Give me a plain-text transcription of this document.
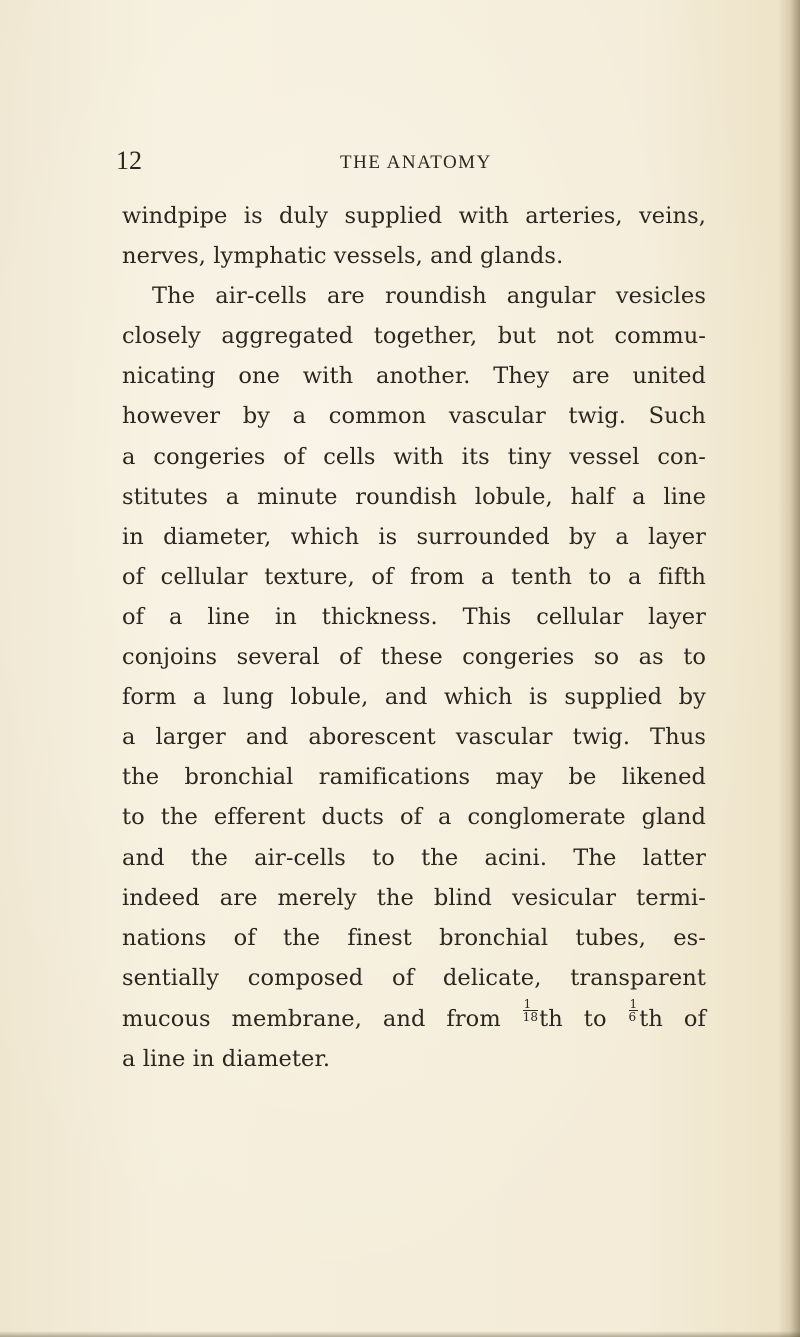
12	THE ANATOMY
windpipe is duly supplied with arteries, veins,
nerves, lymphatic vessels, and glands.
The air-cells are roundish angular vesicles
closely aggregated together, but not commu-
nicating one with another. They are united
however by a common vascular twig. Such
a congeries of cells with its tiny vessel con-
stitutes a minute roundish lobule, half a line
in diameter, which is surrounded by a layer
of cellular texture, of from a tenth to a fifth
of a line in thickness. This cellular layer
conjoins several of these congeries so as to
form a lung lobule, and which is supplied by
a larger and aborescent vascular twig. Thus
the bronchial ramifications may be likened
to the efferent ducts of a conglomerate gland
and the air-cells to the acini. The latter
indeed are merely the blind vesicular termi-
nations of the finest bronchial tubes, es-
sentially composed of delicate, transparent
mucous membrane, and from $\frac{1}{18}$ th to $\frac{1}{6}$ th of
a line in diameter.
